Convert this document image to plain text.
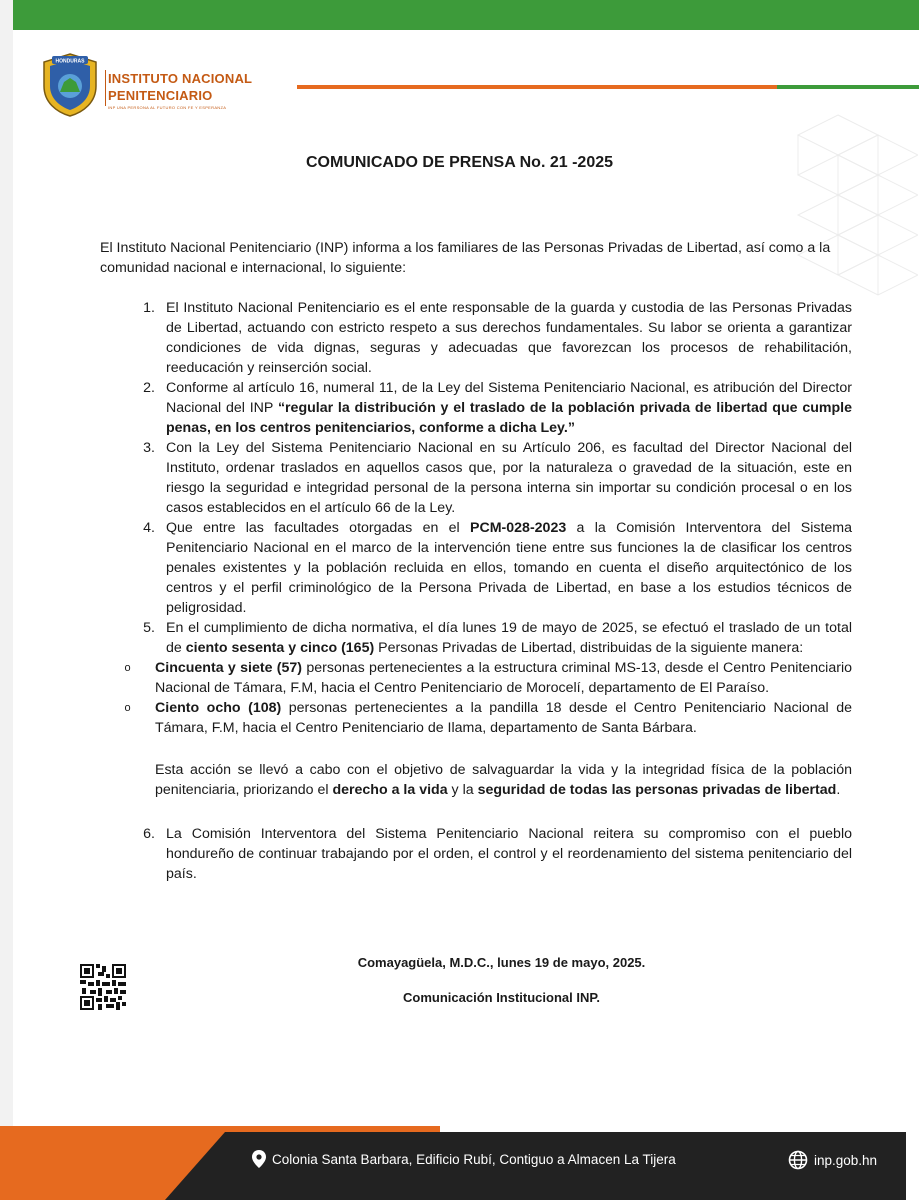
HONDURAS
INSTITUTO NACIONAL
PENITENCIARIO
INP UNA PERSONA AL FUTURO CON FE Y ESPERANZA
COMUNICADO DE PRENSA No. 21 -2025
El Instituto Nacional Penitenciario (INP) informa a los familiares de las Personas Privadas de Libertad, así como a la comunidad nacional e internacional, lo siguiente:
1. El Instituto Nacional Penitenciario es el ente responsable de la guarda y custodia de las Personas Privadas de Libertad, actuando con estricto respeto a sus derechos fundamentales. Su labor se orienta a garantizar condiciones de vida dignas, seguras y adecuadas que favorezcan los procesos de rehabilitación, reeducación y reinserción social.
2. Conforme al artículo 16, numeral 11, de la Ley del Sistema Penitenciario Nacional, es atribución del Director Nacional del INP “regular la distribución y el traslado de la población privada de libertad que cumple penas, en los centros penitenciarios, conforme a dicha Ley.”
3. Con la Ley del Sistema Penitenciario Nacional en su Artículo 206, es facultad del Director Nacional del Instituto, ordenar traslados en aquellos casos que, por la naturaleza o gravedad de la situación, este en riesgo la seguridad e integridad personal de la persona interna sin importar su condición procesal o en los casos establecidos en el artículo 66 de la Ley.
4. Que entre las facultades otorgadas en el PCM-028-2023 a la Comisión Interventora del Sistema Penitenciario Nacional en el marco de la intervención tiene entre sus funciones la de clasificar los centros penales existentes y la población recluida en ellos, tomando en cuenta el diseño arquitectónico de los centros y el perfil criminológico de la Persona Privada de Libertad, en base a los estudios técnicos de peligrosidad.
5. En el cumplimiento de dicha normativa, el día lunes 19 de mayo de 2025, se efectuó el traslado de un total de ciento sesenta y cinco (165) Personas Privadas de Libertad, distribuidas de la siguiente manera:
o	Cincuenta y siete (57) personas pertenecientes a la estructura criminal MS-13, desde el Centro Penitenciario Nacional de Támara, F.M, hacia el Centro Penitenciario de Morocelí, departamento de El Paraíso.
o	Ciento ocho (108) personas pertenecientes a la pandilla 18 desde el Centro Penitenciario Nacional de Támara, F.M, hacia el Centro Penitenciario de Ilama, departamento de Santa Bárbara.
Esta acción se llevó a cabo con el objetivo de salvaguardar la vida y la integridad física de la población penitenciaria, priorizando el derecho a la vida y la seguridad de todas las personas privadas de libertad.
6. La Comisión Interventora del Sistema Penitenciario Nacional reitera su compromiso con el pueblo hondureño de continuar trabajando por el orden, el control y el reordenamiento del sistema penitenciario del país.
Comayagüela, M.D.C., lunes 19 de mayo, 2025.
Comunicación Institucional INP.
Colonia Santa Barbara, Edificio Rubí, Contiguo a Almacen La Tijera	inp.gob.hn
